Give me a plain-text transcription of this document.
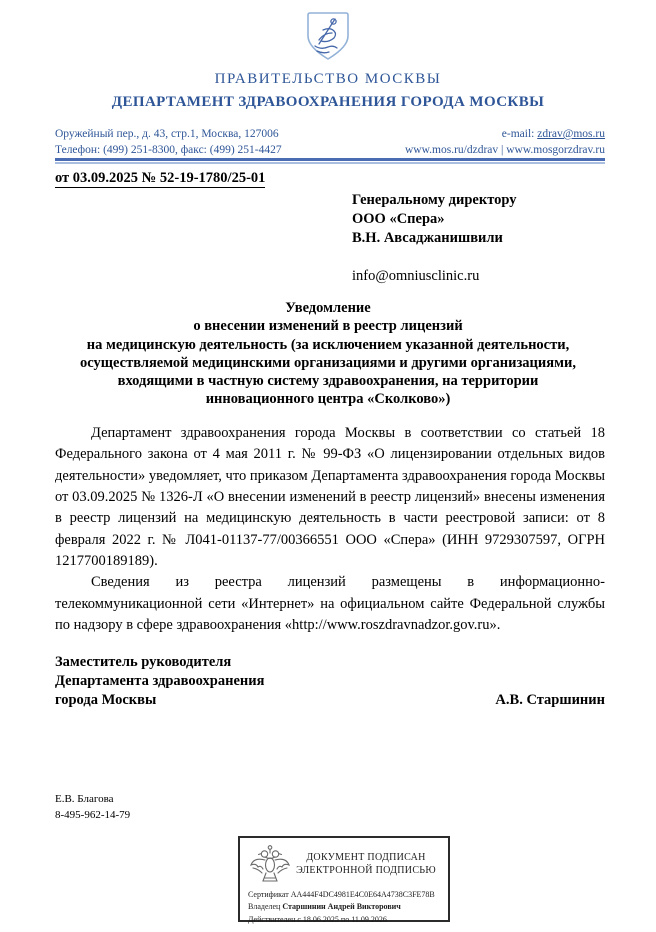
ПРАВИТЕЛЬСТВО МОСКВЫ
ДЕПАРТАМЕНТ ЗДРАВООХРАНЕНИЯ ГОРОДА МОСКВЫ
Оружейный пер., д. 43, стр.1, Москва, 127006
Телефон: (499) 251-8300, факс: (499) 251-4427
e-mail: zdrav@mos.ru
www.mos.ru/dzdrav | www.mosgorzdrav.ru
от 03.09.2025 № 52-19-1780/25-01
Генеральному директору
ООО «Спера»
В.Н. Авсаджанишвили
info@omniusclinic.ru
Уведомление
о внесении изменений в реестр лицензий
на медицинскую деятельность (за исключением указанной деятельности,
осуществляемой медицинскими организациями и другими организациями,
входящими в частную систему здравоохранения, на территории
инновационного центра «Сколково»)

Департамент здравоохранения города Москвы в соответствии со статьей 18 Федерального закона от 4 мая 2011 г. № 99-ФЗ «О лицензировании отдельных видов деятельности» уведомляет, что приказом Департамента здравоохранения города Москвы от 03.09.2025 № 1326-Л «О внесении изменений в реестр лицензий» внесены изменения в реестр лицензий на медицинскую деятельность в части реестровой записи: от 8 февраля 2022 г. № Л041-01137-77/00366551 ООО «Спера» (ИНН 9729307597, ОГРН 1217700189189).

Сведения из реестра лицензий размещены в информационно-телекоммуникационной сети «Интернет» на официальном сайте Федеральной службы по надзору в сфере здравоохранения «http://www.roszdravnadzor.gov.ru».

Заместитель руководителя
Департамента здравоохранения
города Москвы	А.В. Старшинин
Е.В. Благова
8-495-962-14-79
ДОКУМЕНТ ПОДПИСАН
ЭЛЕКТРОННОЙ ПОДПИСЬЮ
Сертификат AA444F4DC4981E4C0E64A4738C3FE78B
Владелец Старшинин Андрей Викторович
Действителен с 18.06.2025 по 11.09.2026
